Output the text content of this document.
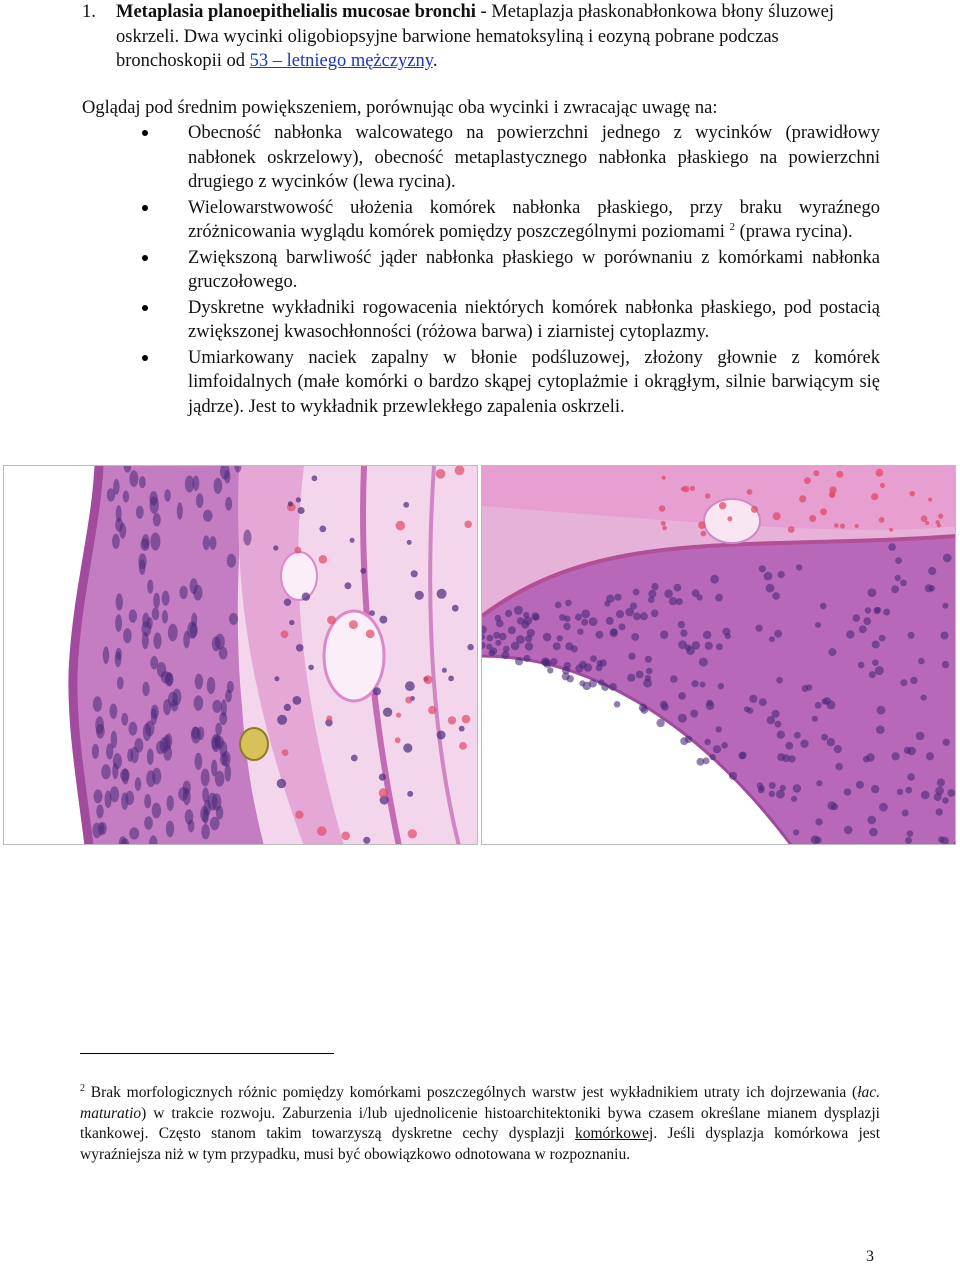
1. Metaplasia planoepithelialis mucosae bronchi - Metaplazja płaskonabłonkowa błony śluzowej oskrzeli. Dwa wycinki oligobiopsyjne barwione hematoksyliną i eozyną pobrane podczas bronchoskopii od 53 – letniego mężczyzny.
Oglądaj pod średnim powiększeniem, porównując oba wycinki i zwracając uwagę na:
Obecność nabłonka walcowatego na powierzchni jednego z wycinków (prawidłowy nabłonek oskrzelowy), obecność metaplastycznego nabłonka płaskiego na powierzchni drugiego z wycinków (lewa rycina).
Wielowarstwowość ułożenia komórek nabłonka płaskiego, przy braku wyraźnego zróżnicowania wyglądu komórek pomiędzy poszczególnymi poziomami $^2$ (prawa rycina).
Zwiększoną barwliwość jąder nabłonka płaskiego w porównaniu z komórkami nabłonka gruczołowego.
Dyskretne wykładniki rogowacenia niektórych komórek nabłonka płaskiego, pod postacią zwiększonej kwasochłonności (różowa barwa) i ziarnistej cytoplazmy.
Umiarkowany naciek zapalny w błonie podśluzowej, złożony głownie z komórek limfoidalnych (małe komórki o bardzo skąpej cytoplażmie i okrągłym, silnie barwiącym się jądrze). Jest to wykładnik przewlekłego zapalenia oskrzeli.
$^2$ Brak morfologicznych różnic pomiędzy komórkami poszczególnych warstw jest wykładnikiem utraty ich dojrzewania (łac. maturatio) w trakcie rozwoju. Zaburzenia i/lub ujednolicenie histoarchitektoniki bywa czasem określane mianem dysplazji tkankowej. Często stanom takim towarzyszą dyskretne cechy dysplazji komórkowej. Jeśli dysplazja komórkowa jest wyraźniejsza niż w tym przypadku, musi być obowiązkowo odnotowana w rozpoznaniu.
3
